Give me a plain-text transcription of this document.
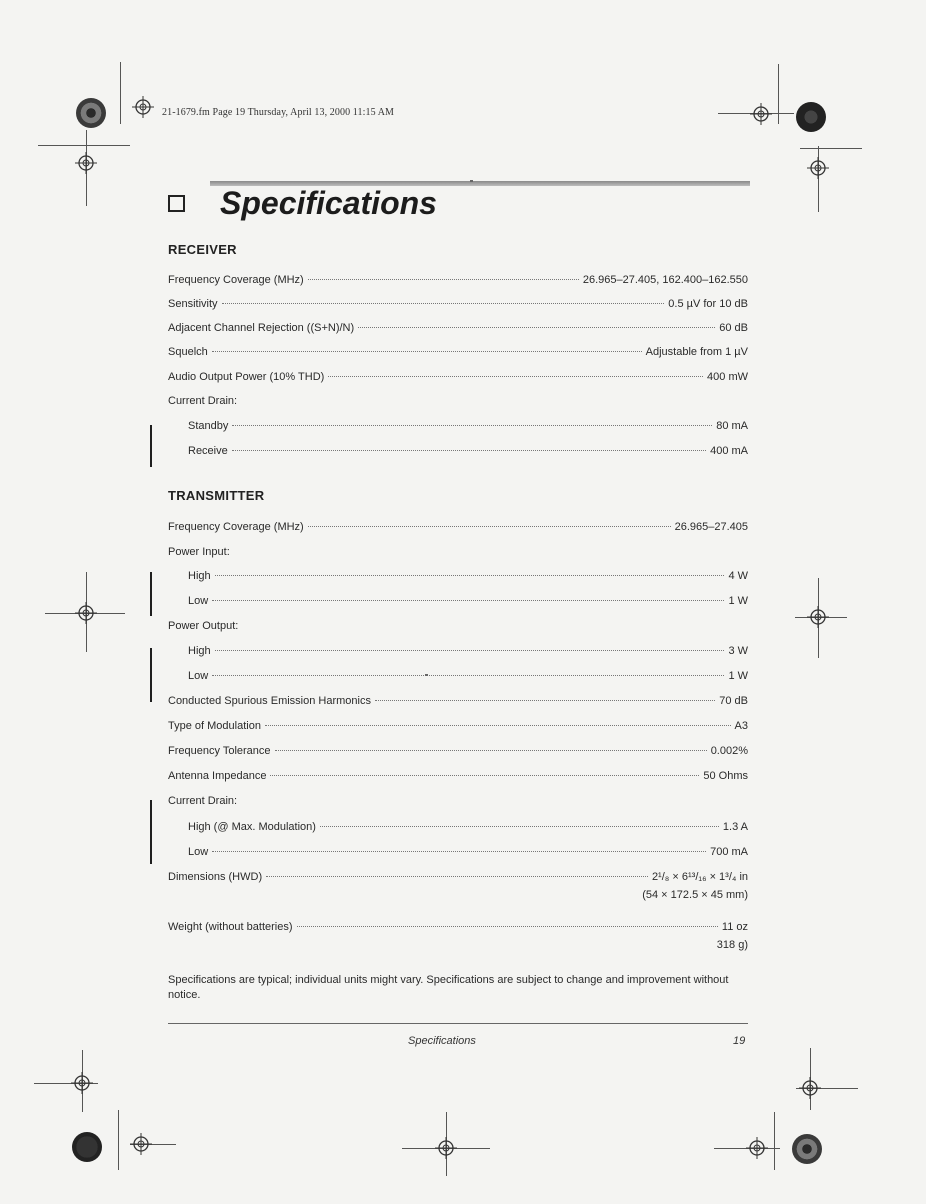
21-1679.fm Page 19 Thursday, April 13, 2000 11:15 AM
Specifications
RECEIVER
Frequency Coverage (MHz)	26.965–27.405, 162.400–162.550
Sensitivity	0.5 µV for 10 dB
Adjacent Channel Rejection ((S+N)/N)	60 dB
Squelch	Adjustable from 1 µV
Audio Output Power (10% THD)	400 mW
Current Drain:
Standby	80 mA
Receive	400 mA
TRANSMITTER
Frequency Coverage (MHz)	26.965–27.405
Power Input:
High	4 W
Low	1 W
Power Output:
High	3 W
Low	1 W
Conducted Spurious Emission Harmonics	70 dB
Type of Modulation	A3
Frequency Tolerance	0.002%
Antenna Impedance	50 Ohms
Current Drain:
High (@ Max. Modulation)	1.3 A
Low	700 mA
Dimensions (HWD)	2¹/₈ × 6¹³/₁₆ × 1³/₄ in
(54 × 172.5 × 45 mm)
Weight (without batteries)	11 oz
318 g)
Specifications are typical; individual units might vary. Specifications are subject to change and improvement without notice.
Specifications	19
